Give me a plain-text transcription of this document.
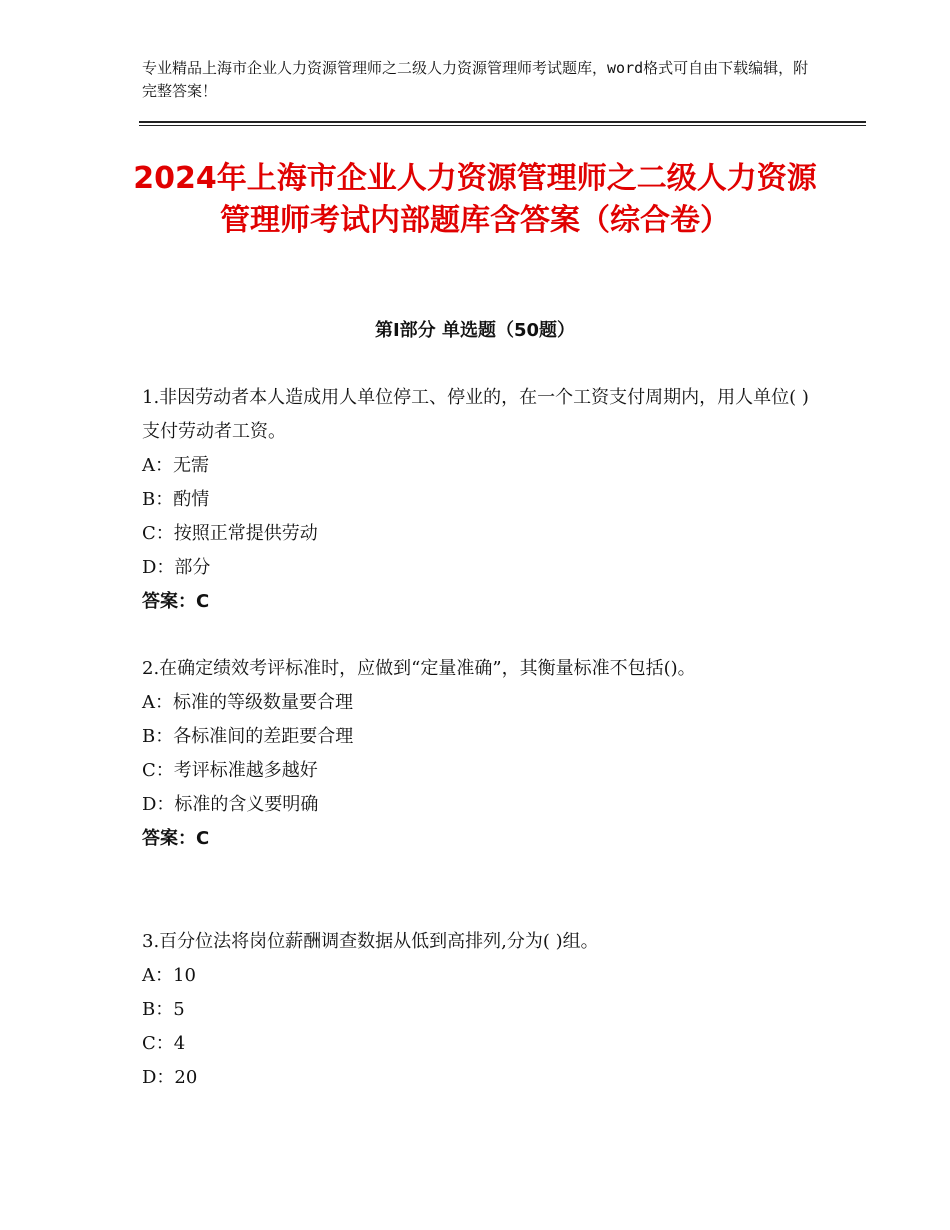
专业精品上海市企业人力资源管理师之二级人力资源管理师考试题库，word格式可自由下载编辑，附完整答案！
2024年上海市企业人力资源管理师之二级人力资源管理师考试内部题库含答案（综合卷）
第Ⅰ部分 单选题（50题）

1.非因劳动者本人造成用人单位停工、停业的，在一个工资支付周期内，用人单位( )支付劳动者工资。

A：无需

B：酌情

C：按照正常提供劳动

D：部分

答案：C

2.在确定绩效考评标准时，应做到“定量准确”，其衡量标准不包括()。

A：标准的等级数量要合理

B：各标准间的差距要合理

C：考评标准越多越好

D：标准的含义要明确

答案：C

3.百分位法将岗位薪酬调查数据从低到高排列,分为( )组。

A：10

B：5

C：4

D：20
